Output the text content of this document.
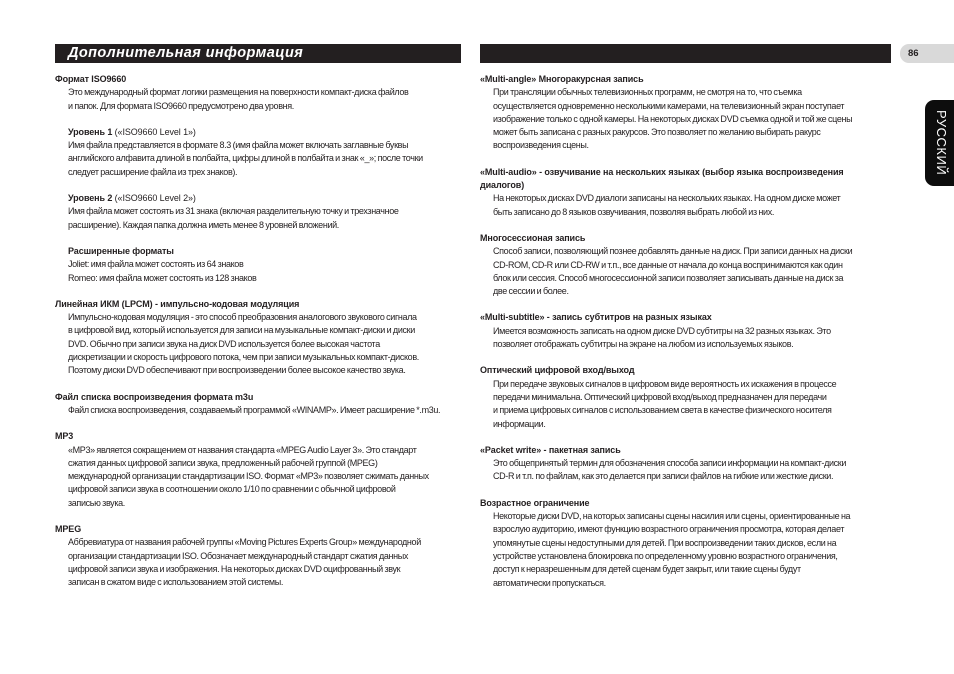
Дополнительная информация	86
РУССКИЙ

Формат ISO9660

Это международный формат логики размещения на поверхности компакт-диска файлов
и папок. Для формата ISO9660 предусмотрено два уровня.

Уровень 1 («ISO9660 Level 1»)

Имя файла представляется в формате 8.3 (имя файла может включать заглавные буквы
английского алфавита длиной в полбайта, цифры длиной в полбайта и знак «_»; после точки
следует расширение файла из трех знаков).

Уровень 2 («ISO9660 Level 2»)

Имя файла может состоять из 31 знака (включая разделительную точку и трехзначное
расширение). Каждая папка должна иметь менее 8 уровней вложений.

Расширенные форматы

Joliet: имя файла может состоять из 64 знаков
Romeo: имя файла может состоять из 128 знаков

Линейная ИКМ (LPCM) - импульсно-кодовая модуляция

Импульсно-кодовая модуляция - это способ преобразовния аналогового звукового сигнала
в цифровой вид, который используется для записи на музыкальные компакт-диски и диски
DVD. Обычно при записи звука на диск DVD используется более высокая частота
дискретизации и скорость цифрового потока, чем при записи музыкальных компакт-дисков.
Поэтому диски DVD обеспечивают при воспроизведении более высокое качество звука.

Файл списка воспроизведения формата m3u

Файл списка воспроизведения, создаваемый программой «WINAMP». Имеет расширение *.m3u.

MP3

«MP3» является сокращением от названия стандарта «MPEG Audio Layer 3». Это стандарт
сжатия данных цифровой записи звука, предложенный рабочей группой (MPEG)
международной организации стандартизации ISO. Формат «MP3» позволяет сжимать данных
цифровой записи звука в соотношении около 1/10 по сравнении с обычной цифровой
записью звука.

MPEG

Аббревиатура от названия рабочей группы «Moving Pictures Experts Group» международной
организации стандартизации ISO. Обозначает международный стандарт сжатия данных
цифровой записи звука и изображения. На некоторых дисках DVD оцифрованный звук
записан в сжатом виде с использованием этой системы.

«Multi-angle» Многоракурсная запись

При трансляции обычных телевизионных программ, не смотря на то, что съемка
осуществляется одновременно несколькими камерами, на телевизионный экран поступает
изображение только с одной камеры. На некоторых дисках DVD съемка одной и той же сцены
может быть записана с разных ракурсов. Это позволяет по желанию выбирать ракурс
воспроизведения сцены.

«Multi-audio» - озвучивание на нескольких языках (выбор языка воспроизведения
диалогов)

На некоторых дисках DVD диалоги записаны на нескольких языках. На одном диске может
быть записано до 8 языков озвучивания, позволяя выбрать любой из них.

Многосессионая запись

Способ записи, позволяющий познее добавлять данные на диск. При записи данных на диски
CD-ROM, CD-R или CD-RW и т.п., все данные от начала до конца воспринимаются как один
блок или сессия. Способ многосессионной записи позволяет записывать данные на диск за
две сессии и более.

«Multi-subtitle» - запись субтитров на разных языках

Имеется возможность записать на одном диске DVD субтитры на 32 разных языках. Это
позволяет отображать субтитры на экране на любом из используемых языков.

Оптический цифровой вход/выход

При передаче звуковых сигналов в цифровом виде вероятность их искажения в процессе
передачи минимальна. Оптический цифровой вход/выход предназначен для передачи
и приема цифровых сигналов с использованием света в качестве физического носителя
информации.

«Packet write» - пакетная запись

Это общепринятый термин для обозначения способа записи информации на компакт-диски
CD-R и т.п. по файлам, как это делается при записи файлов на гибкие или жесткие диски.

Возрастное ограничение

Некоторые диски DVD, на которых записаны сцены насилия или сцены, ориентированные на
взрослую аудиторию, имеют функцию возрастного ограничения просмотра, которая делает
упомянутые сцены недоступными для детей. При воспроизведении таких дисков, если на
устройстве установлена блокировка по определенному уровню возрастного ограничения,
доступ к неразрешенным для детей сценам будет закрыт, или такие сцены будут
автоматически пропускаться.
